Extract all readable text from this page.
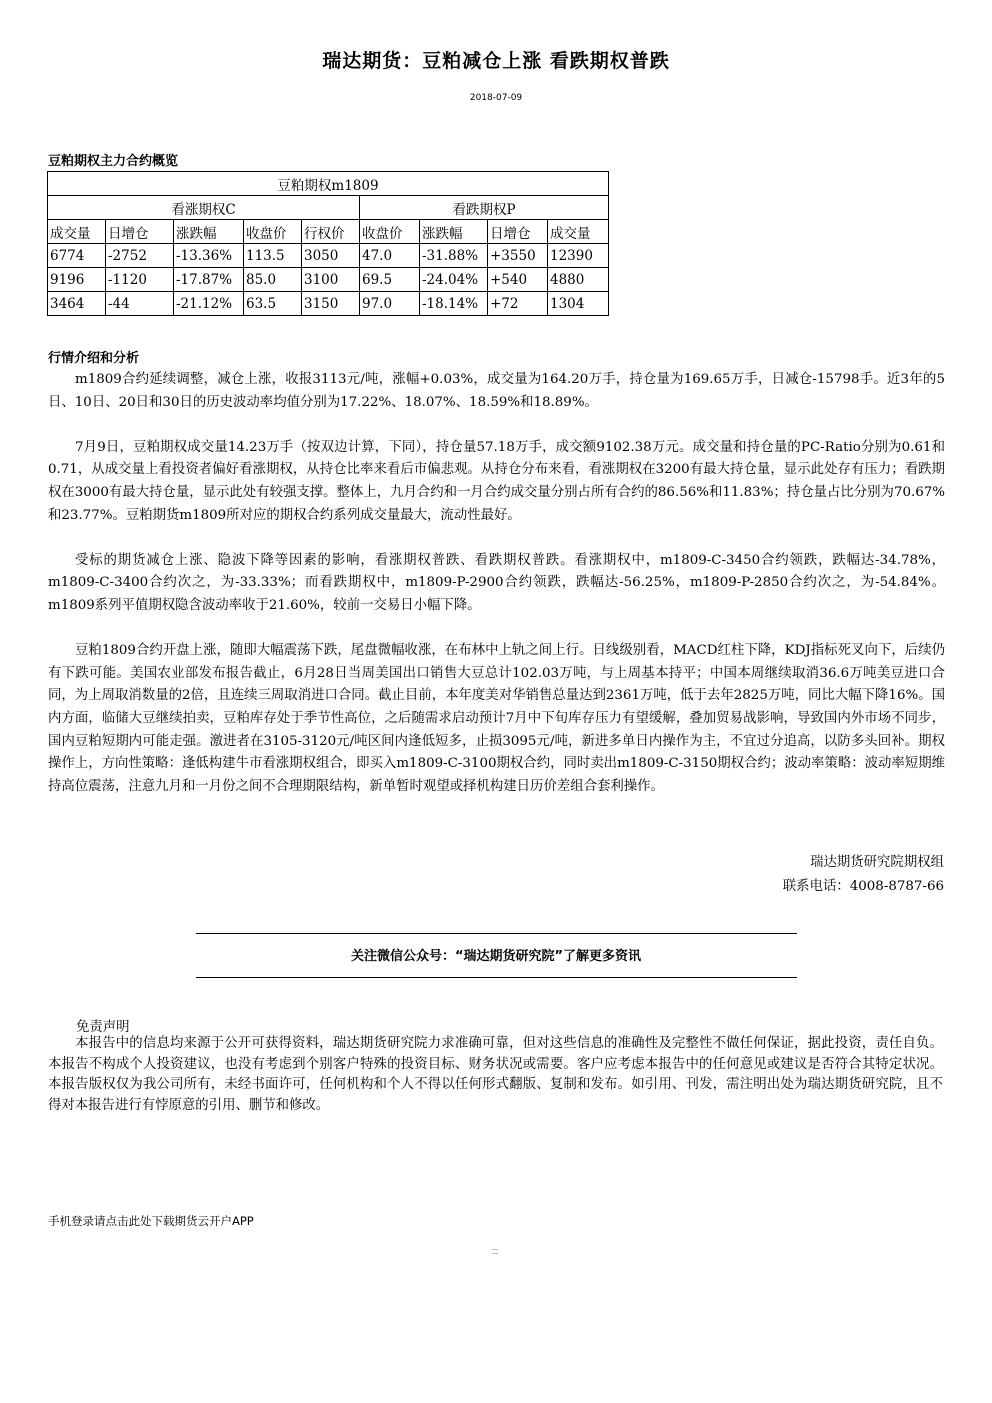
瑞达期货：豆粕减仓上涨 看跌期权普跌
2018-07-09
豆粕期权主力合约概览
豆粕期权m1809								
看涨期权C					看跌期权P			
成交量	日增仓	涨跌幅	收盘价	行权价	收盘价	涨跌幅	日增仓	成交量
6774	-2752	-13.36%	113.5	3050	47.0	-31.88%	+3550	12390
9196	-1120	-17.87%	85.0	3100	69.5	-24.04%	+540	4880
3464	-44	-21.12%	63.5	3150	97.0	-18.14%	+72	1304
行情介绍和分析

m1809合约延续调整，减仓上涨，收报3113元/吨，涨幅+0.03%，成交量为164.20万手，持仓量为169.65万手，日减仓-15798手。近3年的5日、10日、20日和30日的历史波动率均值分别为17.22%、18.07%、18.59%和18.89%。

7月9日，豆粕期权成交量14.23万手（按双边计算，下同），持仓量57.18万手，成交额9102.38万元。成交量和持仓量的PC-Ratio分别为0.61和0.71，从成交量上看投资者偏好看涨期权，从持仓比率来看后市偏悲观。从持仓分布来看，看涨期权在3200有最大持仓量，显示此处存有压力；看跌期权在3000有最大持仓量，显示此处有较强支撑。整体上，九月合约和一月合约成交量分别占所有合约的86.56%和11.83%；持仓量占比分别为70.67%和23.77%。豆粕期货m1809所对应的期权合约系列成交量最大，流动性最好。

受标的期货减仓上涨、隐波下降等因素的影响，看涨期权普跌、看跌期权普跌。看涨期权中，m1809-C-3450合约领跌，跌幅达-34.78%，m1809-C-3400合约次之，为-33.33%；而看跌期权中，m1809-P-2900合约领跌，跌幅达-56.25%，m1809-P-2850合约次之，为-54.84%。m1809系列平值期权隐含波动率收于21.60%，较前一交易日小幅下降。

豆粕1809合约开盘上涨，随即大幅震荡下跌，尾盘微幅收涨，在布林中上轨之间上行。日线级别看，MACD红柱下降，KDJ指标死叉向下，后续仍有下跌可能。美国农业部发布报告截止，6月28日当周美国出口销售大豆总计102.03万吨，与上周基本持平；中国本周继续取消36.6万吨美豆进口合同，为上周取消数量的2倍，且连续三周取消进口合同。截止目前，本年度美对华销售总量达到2361万吨，低于去年2825万吨，同比大幅下降16%。国内方面，临储大豆继续拍卖，豆粕库存处于季节性高位，之后随需求启动预计7月中下旬库存压力有望缓解，叠加贸易战影响，导致国内外市场不同步，国内豆粕短期内可能走强。激进者在3105-3120元/吨区间内逢低短多，止损3095元/吨，新进多单日内操作为主，不宜过分追高，以防多头回补。期权操作上，方向性策略：逢低构建牛市看涨期权组合，即买入m1809-C-3100期权合约，同时卖出m1809-C-3150期权合约；波动率策略：波动率短期维持高位震荡，注意九月和一月份之间不合理期限结构，新单暂时观望或择机构建日历价差组合套利操作。

瑞达期货研究院期权组
联系电话：4008-8787-66
关注微信公众号：“瑞达期货研究院”了解更多资讯
免责声明
本报告中的信息均来源于公开可获得资料，瑞达期货研究院力求准确可靠，但对这些信息的准确性及完整性不做任何保证，据此投资，责任自负。本报告不构成个人投资建议，也没有考虑到个别客户特殊的投资目标、财务状况或需要。客户应考虑本报告中的任何意见或建议是否符合其特定状况。本报告版权仅为我公司所有，未经书面许可，任何机构和个人不得以任何形式翻版、复制和发布。如引用、刊发，需注明出处为瑞达期货研究院，且不得对本报告进行有悖原意的引用、删节和修改。
手机登录请点击此处下载期货云开户APP
